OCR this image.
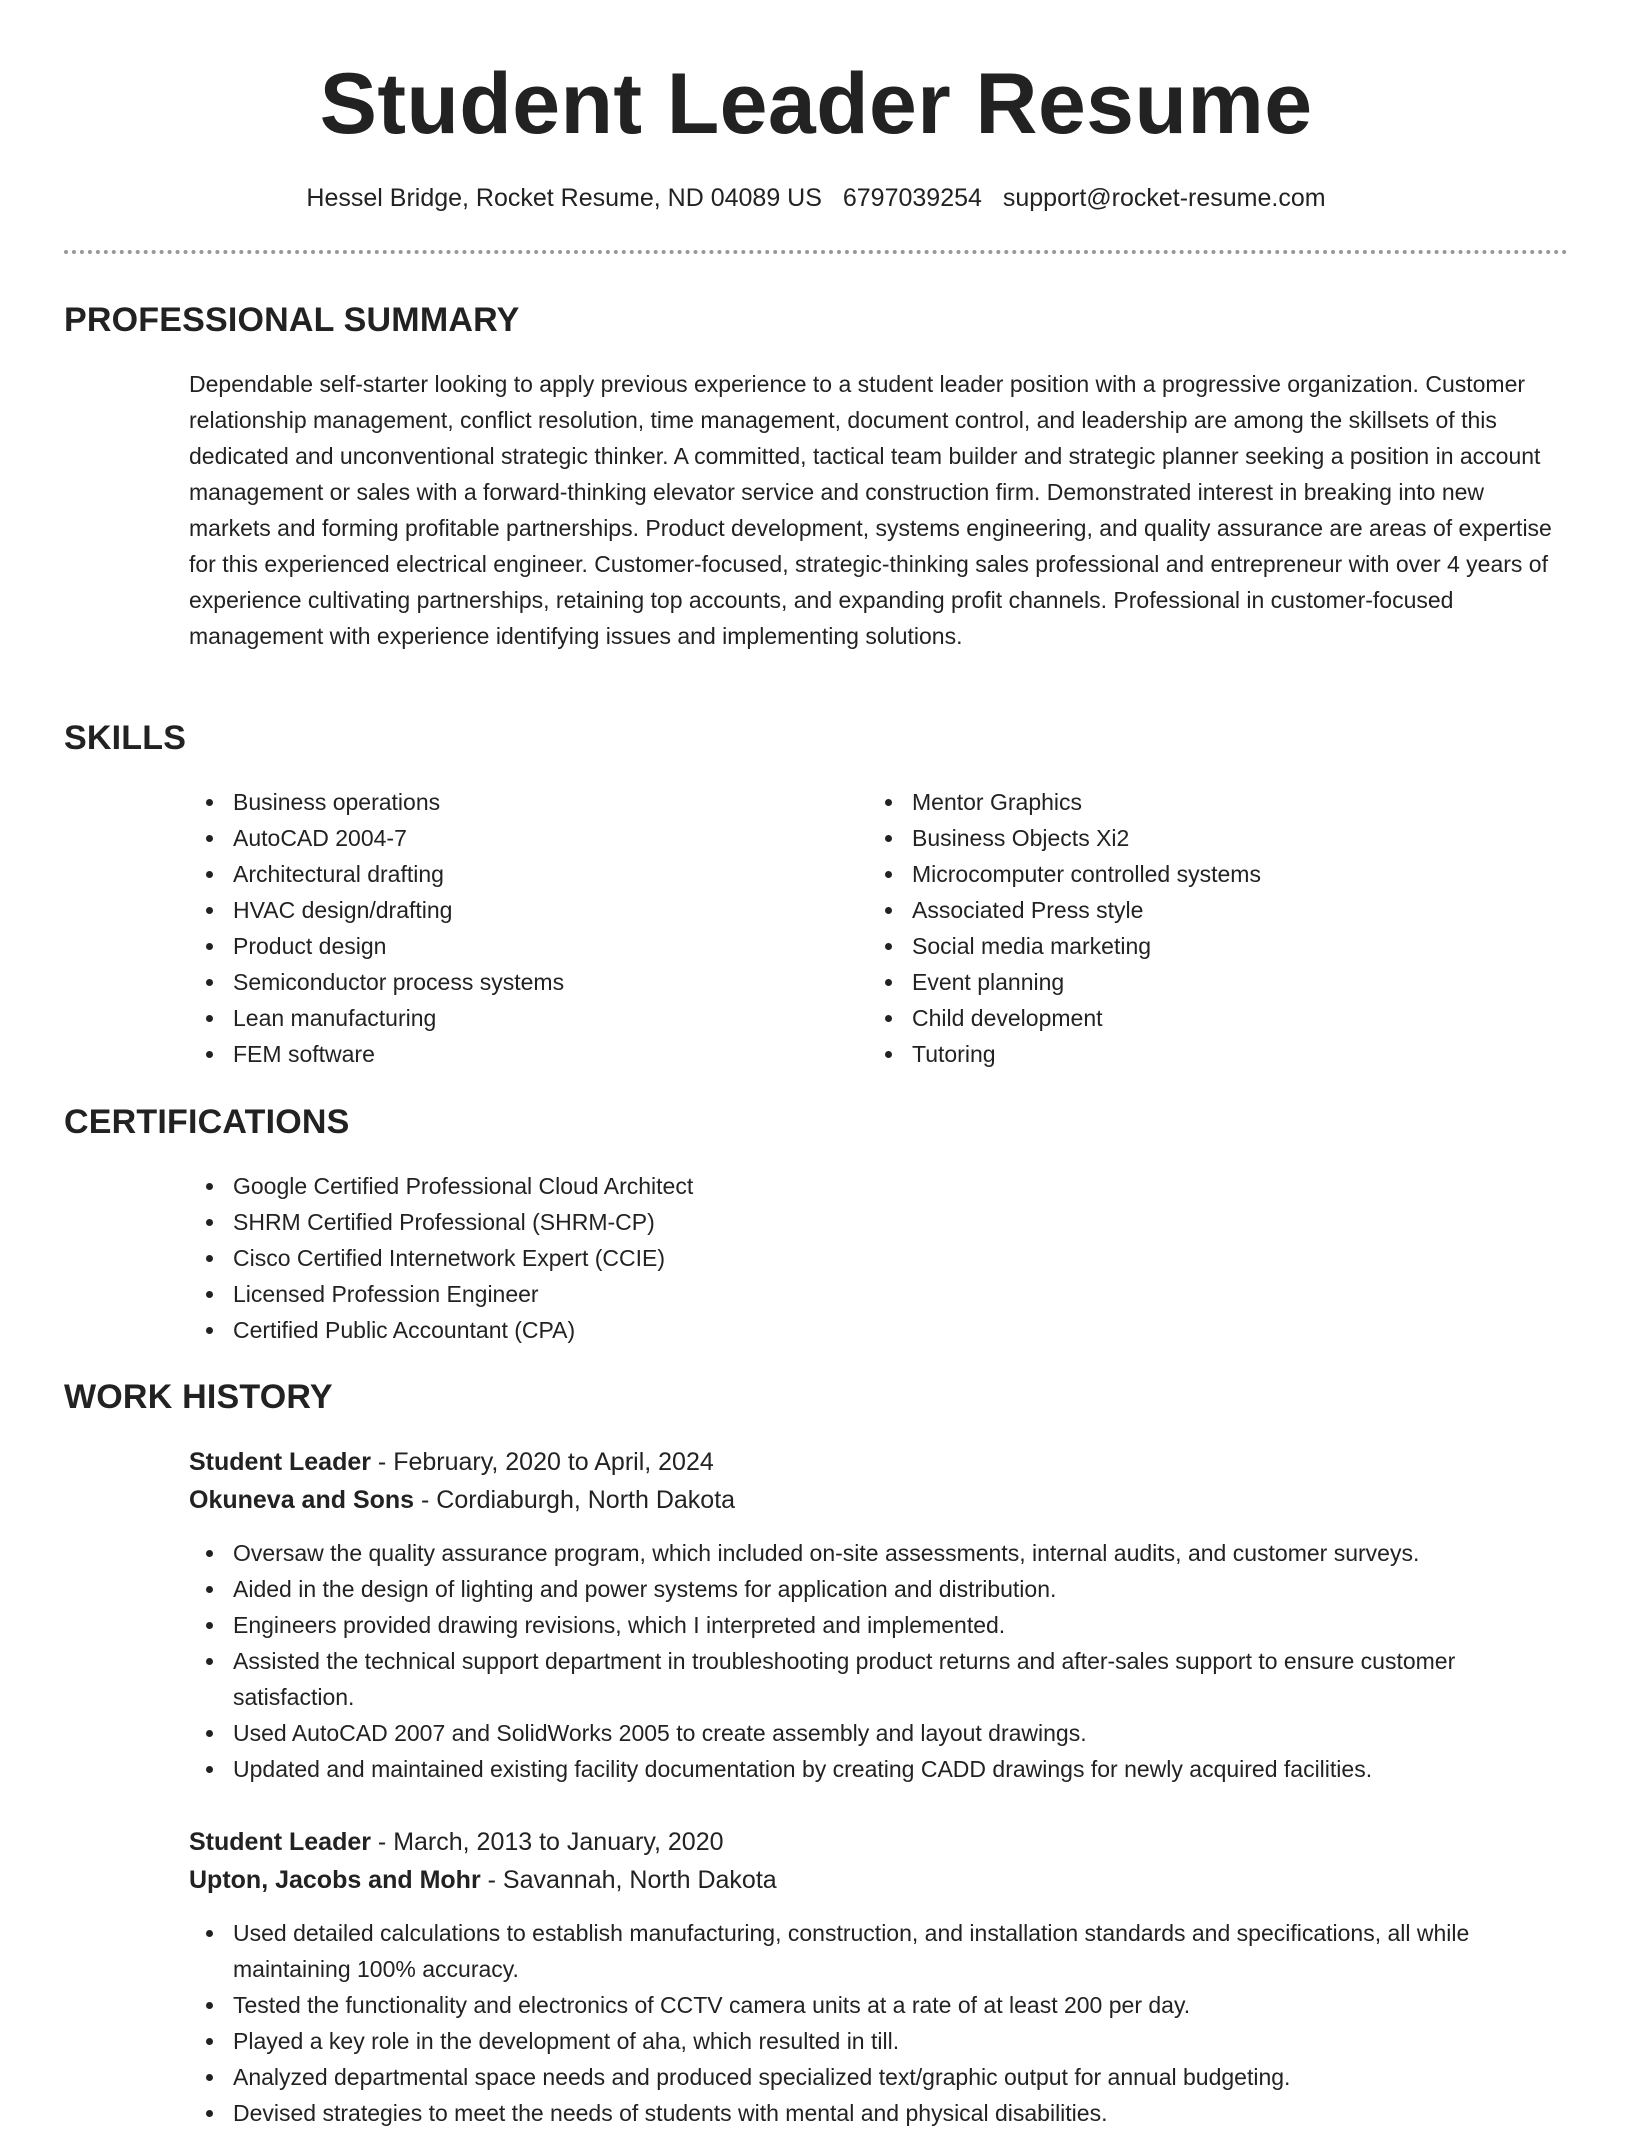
Student Leader Resume
Hessel Bridge, Rocket Resume, ND 04089 US 6797039254 support@rocket-resume.com
PROFESSIONAL SUMMARY

Dependable self-starter looking to apply previous experience to a student leader position with a progressive organization. Customer relationship management, conflict resolution, time management, document control, and leadership are among the skillsets of this dedicated and unconventional strategic thinker. A committed, tactical team builder and strategic planner seeking a position in account management or sales with a forward-thinking elevator service and construction firm. Demonstrated interest in breaking into new markets and forming profitable partnerships. Product development, systems engineering, and quality assurance are areas of expertise for this experienced electrical engineer. Customer-focused, strategic-thinking sales professional and entrepreneur with over 4 years of experience cultivating partnerships, retaining top accounts, and expanding profit channels. Professional in customer-focused management with experience identifying issues and implementing solutions.

SKILLS
Business operations
AutoCAD 2004-7
Architectural drafting
HVAC design/drafting
Product design
Semiconductor process systems
Lean manufacturing
FEM software
Mentor Graphics
Business Objects Xi2
Microcomputer controlled systems
Associated Press style
Social media marketing
Event planning
Child development
Tutoring
CERTIFICATIONS
Google Certified Professional Cloud Architect
SHRM Certified Professional (SHRM-CP)
Cisco Certified Internetwork Expert (CCIE)
Licensed Profession Engineer
Certified Public Accountant (CPA)
WORK HISTORY
Student Leader - February, 2020 to April, 2024
Okuneva and Sons - Cordiaburgh, North Dakota
Oversaw the quality assurance program, which included on-site assessments, internal audits, and customer surveys.
Aided in the design of lighting and power systems for application and distribution.
Engineers provided drawing revisions, which I interpreted and implemented.
Assisted the technical support department in troubleshooting product returns and after-sales support to ensure customer satisfaction.
Used AutoCAD 2007 and SolidWorks 2005 to create assembly and layout drawings.
Updated and maintained existing facility documentation by creating CADD drawings for newly acquired facilities.
Student Leader - March, 2013 to January, 2020
Upton, Jacobs and Mohr - Savannah, North Dakota
Used detailed calculations to establish manufacturing, construction, and installation standards and specifications, all while maintaining 100% accuracy.
Tested the functionality and electronics of CCTV camera units at a rate of at least 200 per day.
Played a key role in the development of aha, which resulted in till.
Analyzed departmental space needs and produced specialized text/graphic output for annual budgeting.
Devised strategies to meet the needs of students with mental and physical disabilities.
